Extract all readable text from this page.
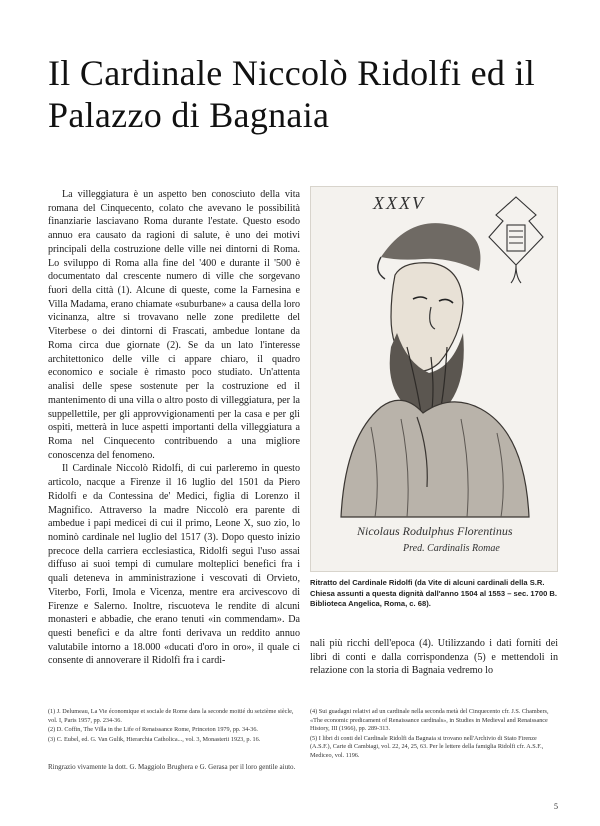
Il Cardinale Niccolò Ridolfi ed il Palazzo di Bagnaia

La villeggiatura è un aspetto ben conosciuto della vita romana del Cinquecento, colato che avevano le possibilità finanziarie lasciavano Roma durante l'estate. Questo esodo annuo era causato da ragioni di salute, è uno dei motivi principali della costruzione delle ville nei dintorni di Roma. Lo sviluppo di Roma alla fine del '400 e durante il '500 è documentato dal crescente numero di ville che sorgevano fuori della città (1). Alcune di queste, come la Farnesina e Villa Madama, erano chiamate «suburbane» a causa della loro vicinanza, altre si trovavano nelle zone predilette del Viterbese o dei dintorni di Frascati, ambedue lontane da Roma circa due giornate (2). Se da un lato l'interesse architettonico delle ville ci appare chiaro, il quadro economico e sociale è rimasto poco studiato. Un'attenta analisi delle spese sostenute per la costruzione ed il mantenimento di una villa o altro posto di villeggiatura, per la suppellettile, per gli approvvigionamenti per la casa e per gli ospiti, metterà in luce aspetti importanti della villeggiatura a Roma nel Cinquecento contribuendo a una migliore conoscenza del fenomeno.

Il Cardinale Niccolò Ridolfi, di cui parleremo in questo articolo, nacque a Firenze il 16 luglio del 1501 da Piero Ridolfi e da Contessina de' Medici, figlia di Lorenzo il Magnifico. Attraverso la madre Niccolò era parente di ambedue i papi medicei di cui il primo, Leone X, suo zio, lo nominò cardinale nel luglio del 1517 (3). Dopo questo inizio precoce della carriera ecclesiastica, Ridolfi seguì l'uso assai diffuso ai suoi tempi di cumulare molteplici benefici fra i quali deteneva in amministrazione i vescovati di Orvieto, Viterbo, Forlì, Imola e Vicenza, mentre era arcivescovo di Firenze e Salerno. Inoltre, riscuoteva le rendite di alcuni monasteri e abbadie, che erano tenuti «in commendam». Da questi benefici e da altre fonti derivava un reddito annuo valutabile intorno a 18.000 «ducati d'oro in oro», il quale ci consente di annoverare il Ridolfi fra i cardi-

XXXV
Nicolaus Rodulphus Florentinus
Pred. Cardinalis Romae
Ritratto del Cardinale Ridolfi (da Vite di alcuni cardinali della S.R. Chiesa assunti a questa dignità dall'anno 1504 al 1553 – sec. 1700 B. Biblioteca Angelica, Roma, c. 68).

nali più ricchi dell'epoca (4). Utilizzando i dati forniti dei libri di conti e dalla corrispondenza (5) e mettendoli in relazione con la storia di Bagnaia vedremo lo

(1) J. Delumeau, La Vie économique et sociale de Rome dans la seconde moitié du seizième siècle, vol. I, Paris 1957, pp. 234-36.

(2) D. Coffin, The Villa in the Life of Renaissance Rome, Princeton 1979, pp. 34-36.

(3) C. Eubel, ed. G. Van Gulik, Hierarchia Catholica..., vol. 3, Monasterii 1923, p. 16.

(4) Sui guadagni relativi ad un cardinale nella seconda metà del Cinquecento cfr. J.S. Chambers, «The economic predicament of Renaissance cardinals», in Studies in Medieval and Renaissance History, III (1966), pp. 289-313.

(5) I libri di conti del Cardinale Ridolfi da Bagnaia si trovano nell'Archivio di Stato Firenze (A.S.F.), Carte di Cambiagi, vol. 22, 24, 25, 63. Per le lettere della famiglia Ridolfi cfr. A.S.F., Mediceo, vol. 1196.

Ringrazio vivamente la dott. G. Maggiolo Brughera e G. Gerasa per il loro gentile aiuto.
5
